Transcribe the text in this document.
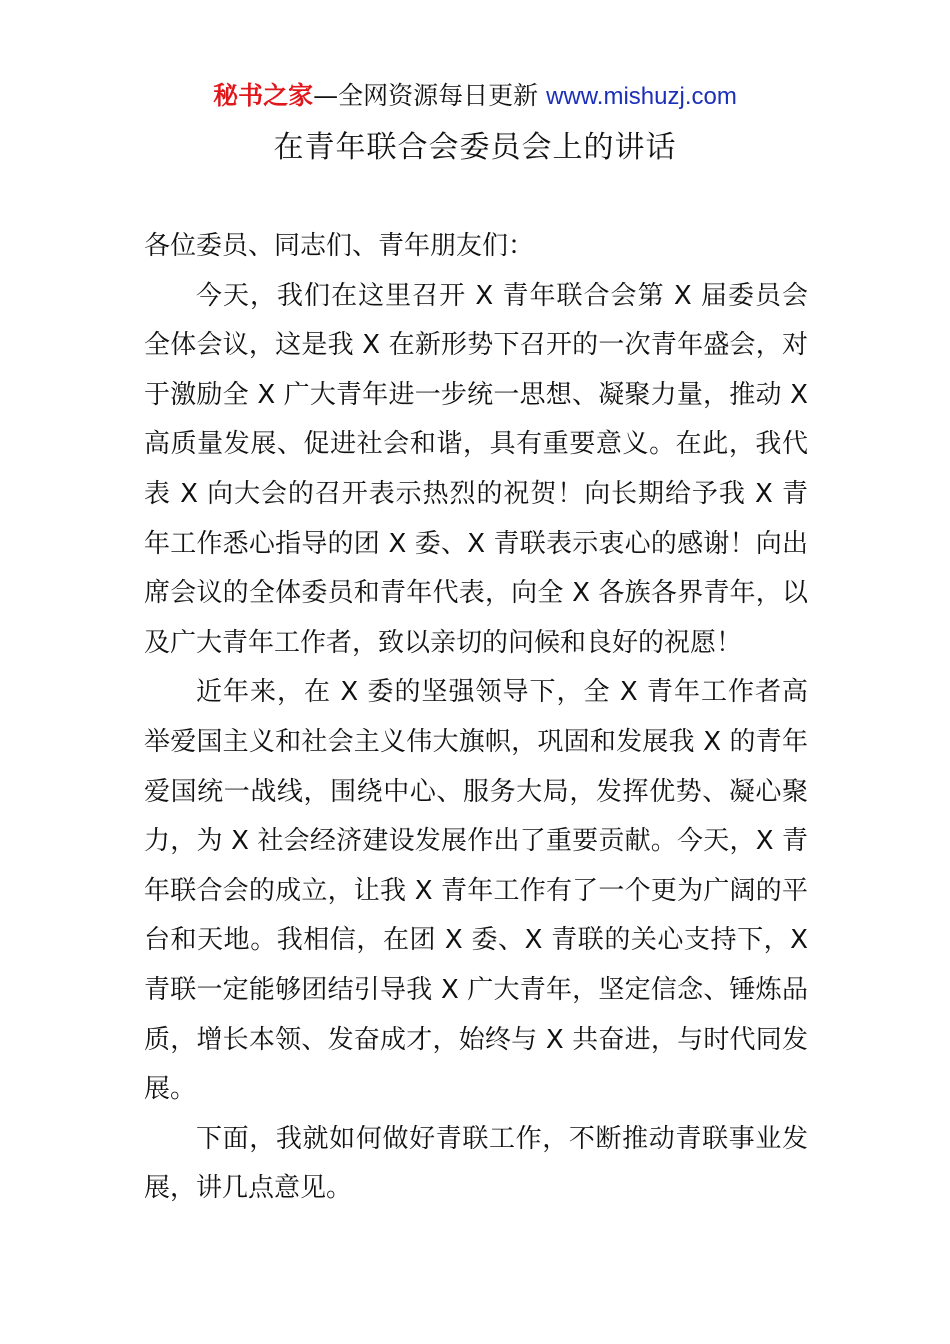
秘书之家—全网资源每日更新 www.mishuzj.com
在青年联合会委员会上的讲话

各位委员、同志们、青年朋友们：

今天，我们在这里召开 X 青年联合会第 X 届委员会全体会议，这是我 X 在新形势下召开的一次青年盛会，对于激励全 X 广大青年进一步统一思想、凝聚力量，推动 X 高质量发展、促进社会和谐，具有重要意义。在此，我代表 X 向大会的召开表示热烈的祝贺！向长期给予我 X 青年工作悉心指导的团 X 委、X 青联表示衷心的感谢！向出席会议的全体委员和青年代表，向全 X 各族各界青年，以及广大青年工作者，致以亲切的问候和良好的祝愿！

近年来，在 X 委的坚强领导下，全 X 青年工作者高举爱国主义和社会主义伟大旗帜，巩固和发展我 X 的青年爱国统一战线，围绕中心、服务大局，发挥优势、凝心聚力，为 X 社会经济建设发展作出了重要贡献。今天，X 青年联合会的成立，让我 X 青年工作有了一个更为广阔的平台和天地。我相信，在团 X 委、X 青联的关心支持下，X 青联一定能够团结引导我 X 广大青年，坚定信念、锤炼品质，增长本领、发奋成才，始终与 X 共奋进，与时代同发展。

下面，我就如何做好青联工作，不断推动青联事业发展，讲几点意见。
